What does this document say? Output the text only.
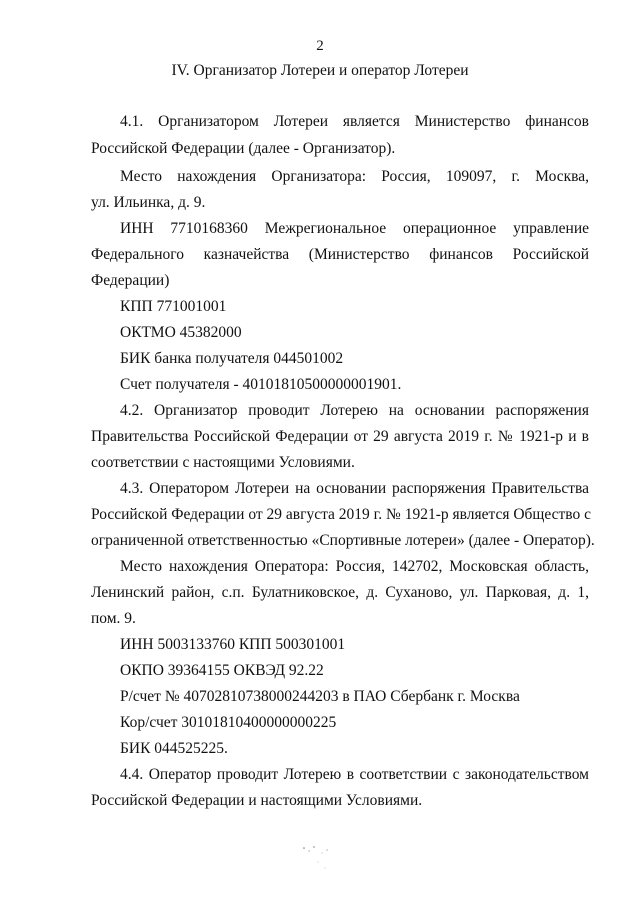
2
IV. Организатор Лотереи и оператор Лотереи
4.1. Организатором Лотереи является Министерство финансов
Российской Федерации (далее - Организатор).
Место нахождения Организатора: Россия, 109097, г. Москва,
ул. Ильинка, д. 9.
ИНН 7710168360 Межрегиональное операционное управление
Федерального казначейства (Министерство финансов Российской
Федерации)
КПП 771001001
ОКТМО 45382000
БИК банка получателя 044501002
Счет получателя - 40101810500000001901.
4.2. Организатор проводит Лотерею на основании распоряжения
Правительства Российской Федерации от 29 августа 2019 г. № 1921-р и в
соответствии с настоящими Условиями.
4.3. Оператором Лотереи на основании распоряжения Правительства
Российской Федерации от 29 августа 2019 г. № 1921-р является Общество с
ограниченной ответственностью «Спортивные лотереи» (далее - Оператор).
Место нахождения Оператора: Россия, 142702, Московская область,
Ленинский район, с.п. Булатниковское, д. Суханово, ул. Парковая, д. 1,
пом. 9.
ИНН 5003133760 КПП 500301001
ОКПО 39364155 ОКВЭД 92.22
Р/счет № 40702810738000244203 в ПАО Сбербанк г. Москва
Кор/счет 30101810400000000225
БИК 044525225.
4.4. Оператор проводит Лотерею в соответствии с законодательством
Российской Федерации и настоящими Условиями.
